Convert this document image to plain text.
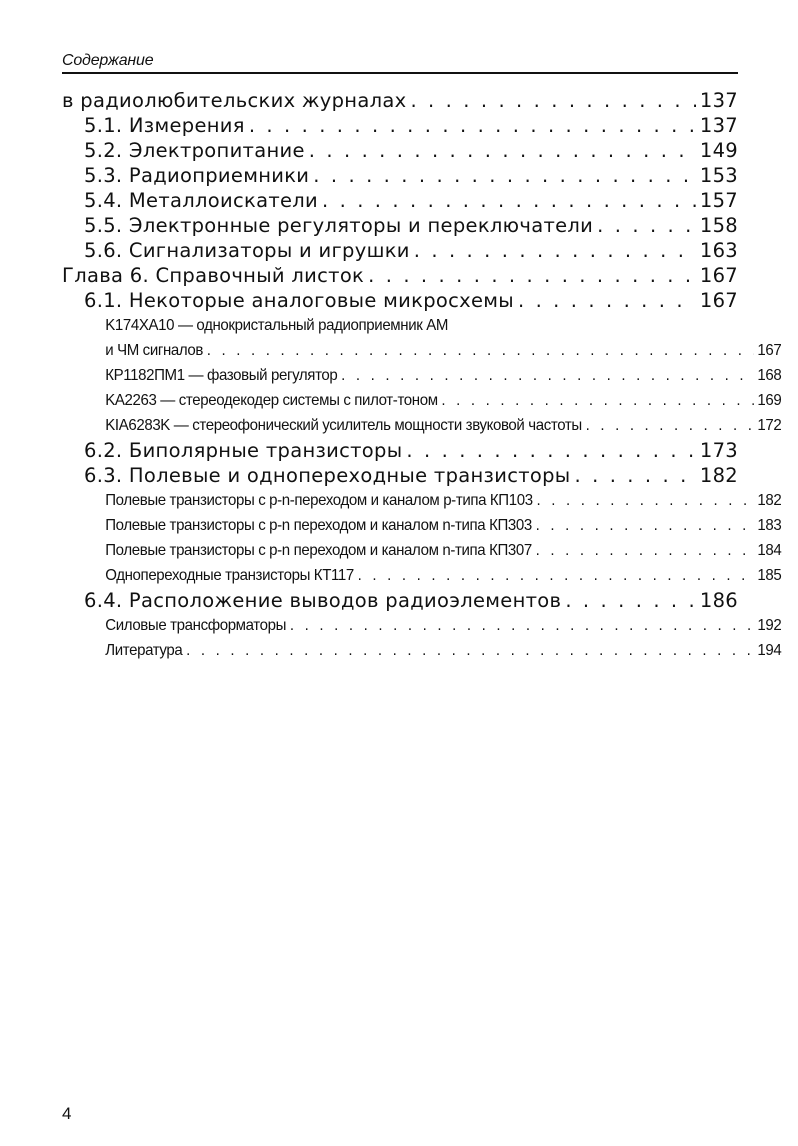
Содержание
в радиолюбительских журналах . . .	137
5.1. Измерения . . .	137
5.2. Электропитание . . .	149
5.3. Радиоприемники . . .	153
5.4. Металлоискатели . . .	157
5.5. Электронные регуляторы и переключатели . . .	158
5.6. Сигнализаторы и игрушки . . .	163
Глава 6. Справочный листок . . .	167
6.1. Некоторые аналоговые микросхемы . . .	167
K174XA10 — однокристальный радиоприемник АМ
и ЧМ сигналов . . .	167
КР1182ПМ1 — фазовый регулятор . . .	168
KA2263 — стереодекодер системы с пилот-тоном . . .	169
KIA6283K — стереофонический усилитель мощности звуковой частоты . . .	172
6.2. Биполярные транзисторы . . .	173
6.3. Полевые и однопереходные транзисторы . . .	182
Полевые транзисторы с p-n-переходом и каналом p-типа КП103 . . .	182
Полевые транзисторы с p-n переходом и каналом n-типа КП303 . . .	183
Полевые транзисторы с p-n переходом и каналом n-типа КП307 . . .	184
Однопереходные транзисторы КТ117 . . .	185
6.4. Расположение выводов радиоэлементов . . .	186
Силовые трансформаторы . . .	192
Литература . . .	194
4
